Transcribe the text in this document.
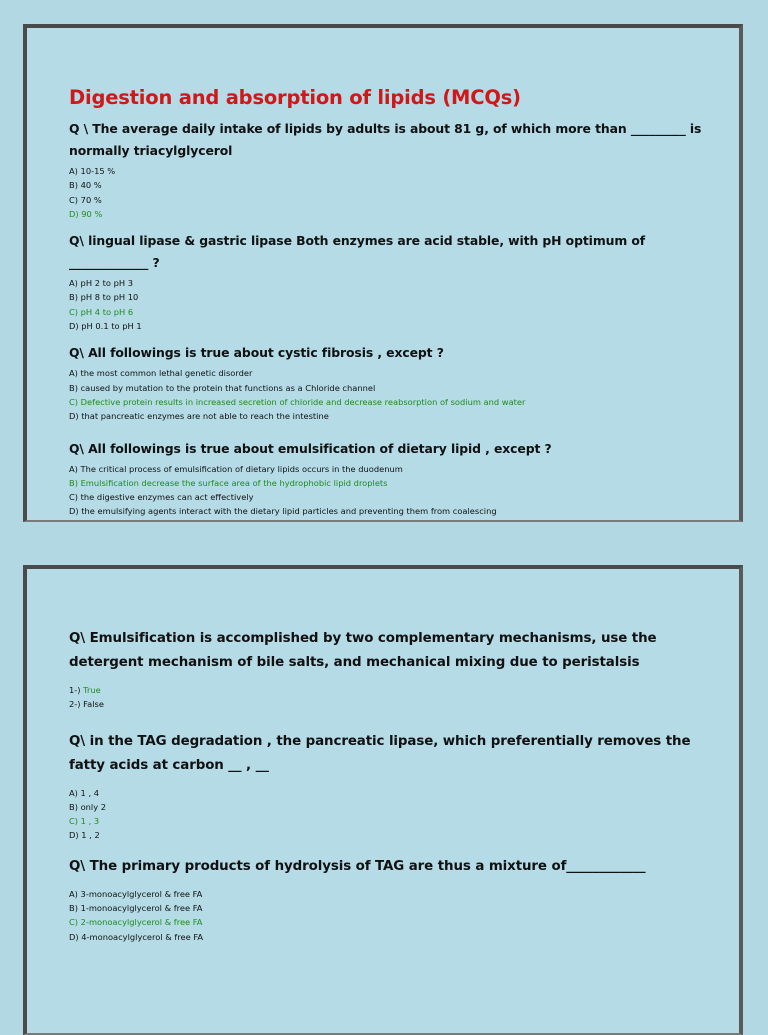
Digestion and absorption of lipids (MCQs)

Q \ The average daily intake of lipids by adults is about 81 g, of which more than _________ is normally triacylglycerol

A) 10-15 %
B) 40 %
C) 70 %
D) 90 %

Q\ lingual lipase & gastric lipase Both enzymes are acid stable, with pH optimum of _____________ ?

A) pH 2 to pH 3
B) pH 8 to pH 10
C) pH 4 to pH 6
D) pH 0.1 to pH 1

Q\ All followings is true about cystic fibrosis , except ?

A) the most common lethal genetic disorder
B) caused by mutation to the protein that functions as a Chloride channel
C) Defective protein results in increased secretion of chloride and decrease reabsorption of sodium and water
D) that pancreatic enzymes are not able to reach the intestine

Q\ All followings is true about emulsification of dietary lipid , except ?

A) The critical process of emulsification of dietary lipids occurs in the duodenum
B) Emulsification decrease the surface area of the hydrophobic lipid droplets
C) the digestive enzymes can act effectively
D) the emulsifying agents interact with the dietary lipid particles and preventing them from coalescing

Q\ Emulsification is accomplished by two complementary mechanisms, use the detergent mechanism of bile salts, and mechanical mixing due to peristalsis

1-) True
2-) False

Q\ in the TAG degradation , the pancreatic lipase, which preferentially removes the fatty acids at carbon __ , __

A) 1 , 4
B) only 2
C) 1 , 3
D) 1 , 2

Q\ The primary products of hydrolysis of TAG are thus a mixture of____________

A) 3-monoacylglycerol & free FA
B) 1-monoacylglycerol & free FA
C) 2-monoacylglycerol & free FA
D) 4-monoacylglycerol & free FA
